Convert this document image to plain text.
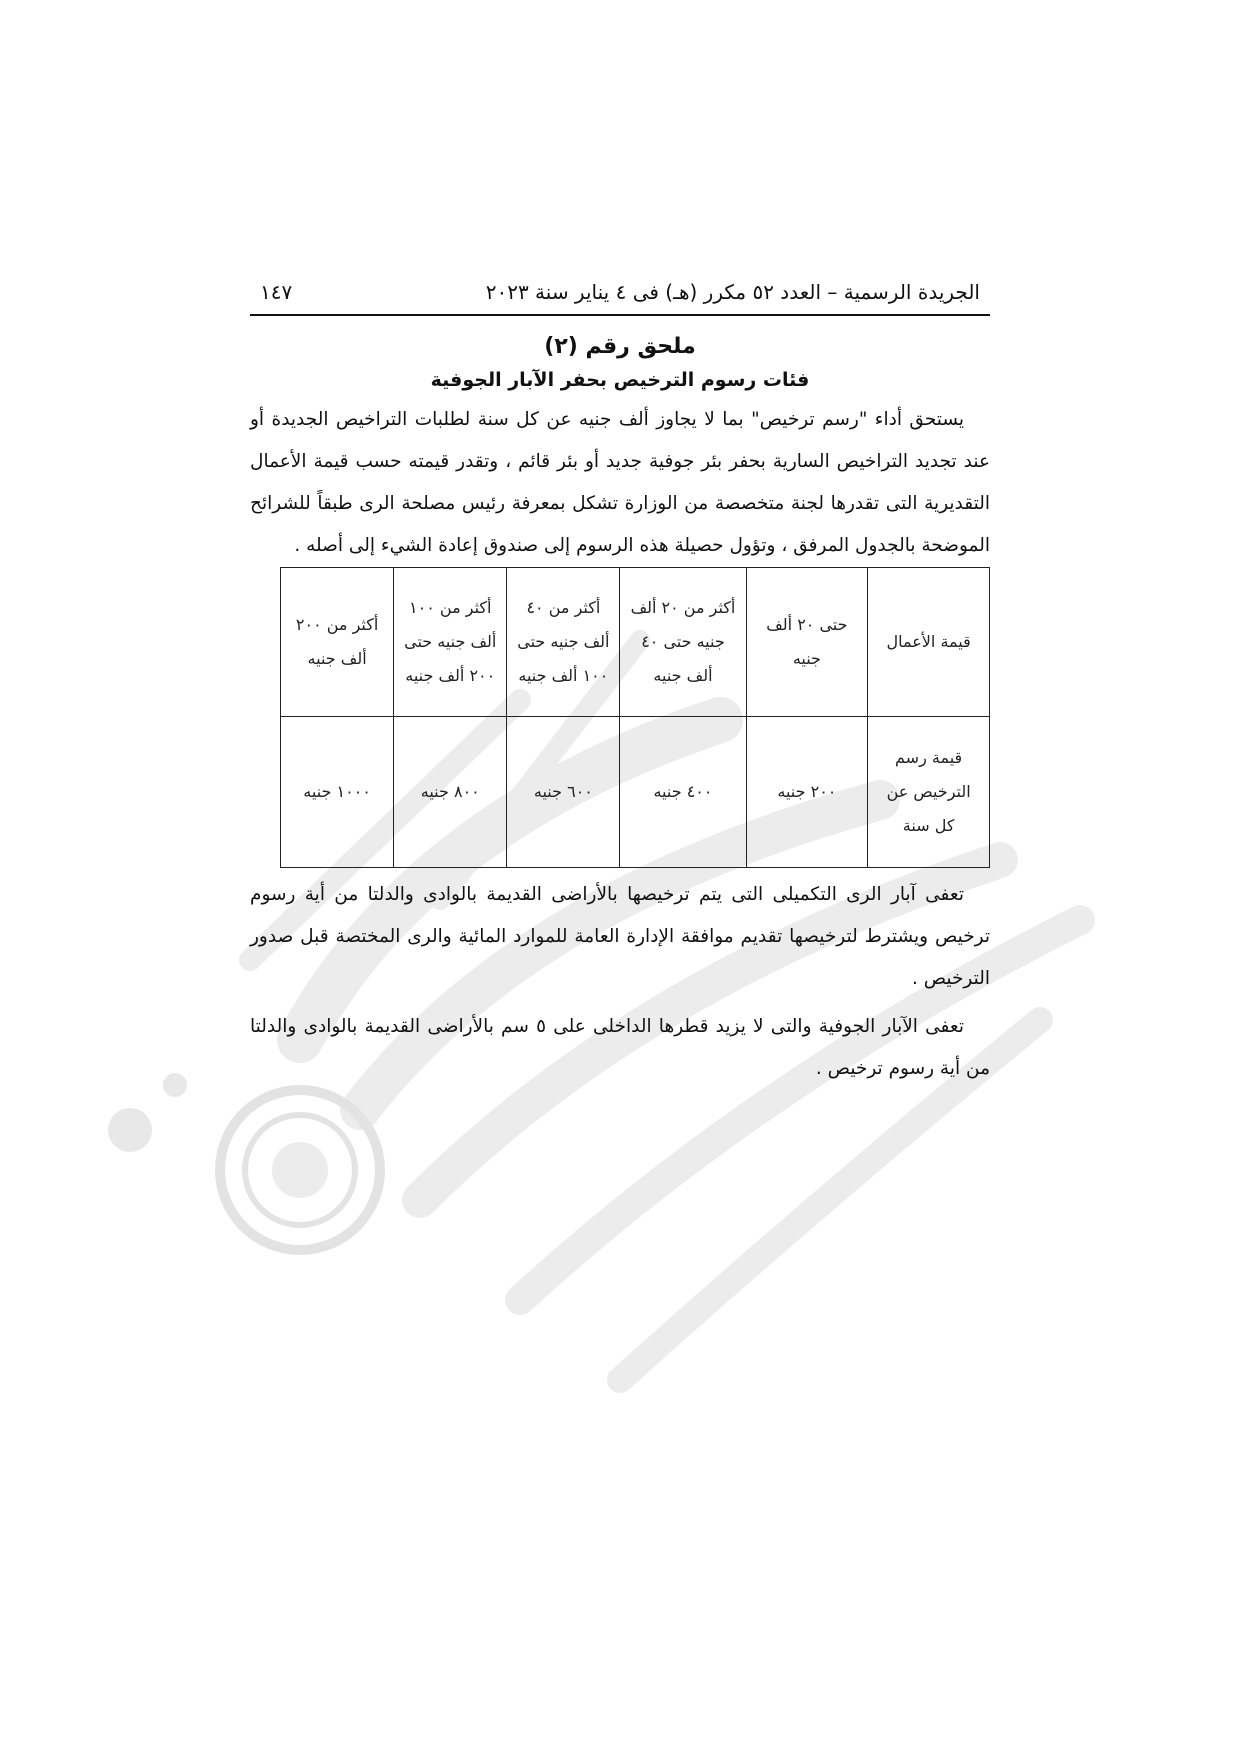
الجريدة الرسمية – العدد ٥٢ مكرر (هـ) فى ٤ يناير سنة ٢٠٢٣
١٤٧
ملحق رقم (٢)
فئات رسوم الترخيص بحفر الآبار الجوفية

يستحق أداء "رسم ترخيص" بما لا يجاوز ألف جنيه عن كل سنة لطلبات التراخيص الجديدة أو عند تجديد التراخيص السارية بحفر بئر جوفية جديد أو بئر قائم ، وتقدر قيمته حسب قيمة الأعمال التقديرية التى تقدرها لجنة متخصصة من الوزارة تشكل بمعرفة رئيس مصلحة الرى طبقاً للشرائح الموضحة بالجدول المرفق ، وتؤول حصيلة هذه الرسوم إلى صندوق إعادة الشيء إلى أصله .

قيمة الأعمال	حتى ٢٠ ألف جنيه	أكثر من ٢٠ ألف جنيه حتى ٤٠ ألف جنيه	أكثر من ٤٠ ألف جنيه حتى ١٠٠ ألف جنيه	أكثر من ١٠٠ ألف جنيه حتى ٢٠٠ ألف جنيه	أكثر من ٢٠٠ ألف جنيه
قيمة رسم الترخيص عن كل سنة	٢٠٠ جنيه	٤٠٠ جنيه	٦٠٠ جنيه	٨٠٠ جنيه	١٠٠٠ جنيه

تعفى آبار الرى التكميلى التى يتم ترخيصها بالأراضى القديمة بالوادى والدلتا من أية رسوم ترخيص ويشترط لترخيصها تقديم موافقة الإدارة العامة للموارد المائية والرى المختصة قبل صدور الترخيص .

تعفى الآبار الجوفية والتى لا يزيد قطرها الداخلى على ٥ سم بالأراضى القديمة بالوادى والدلتا من أية رسوم ترخيص .
